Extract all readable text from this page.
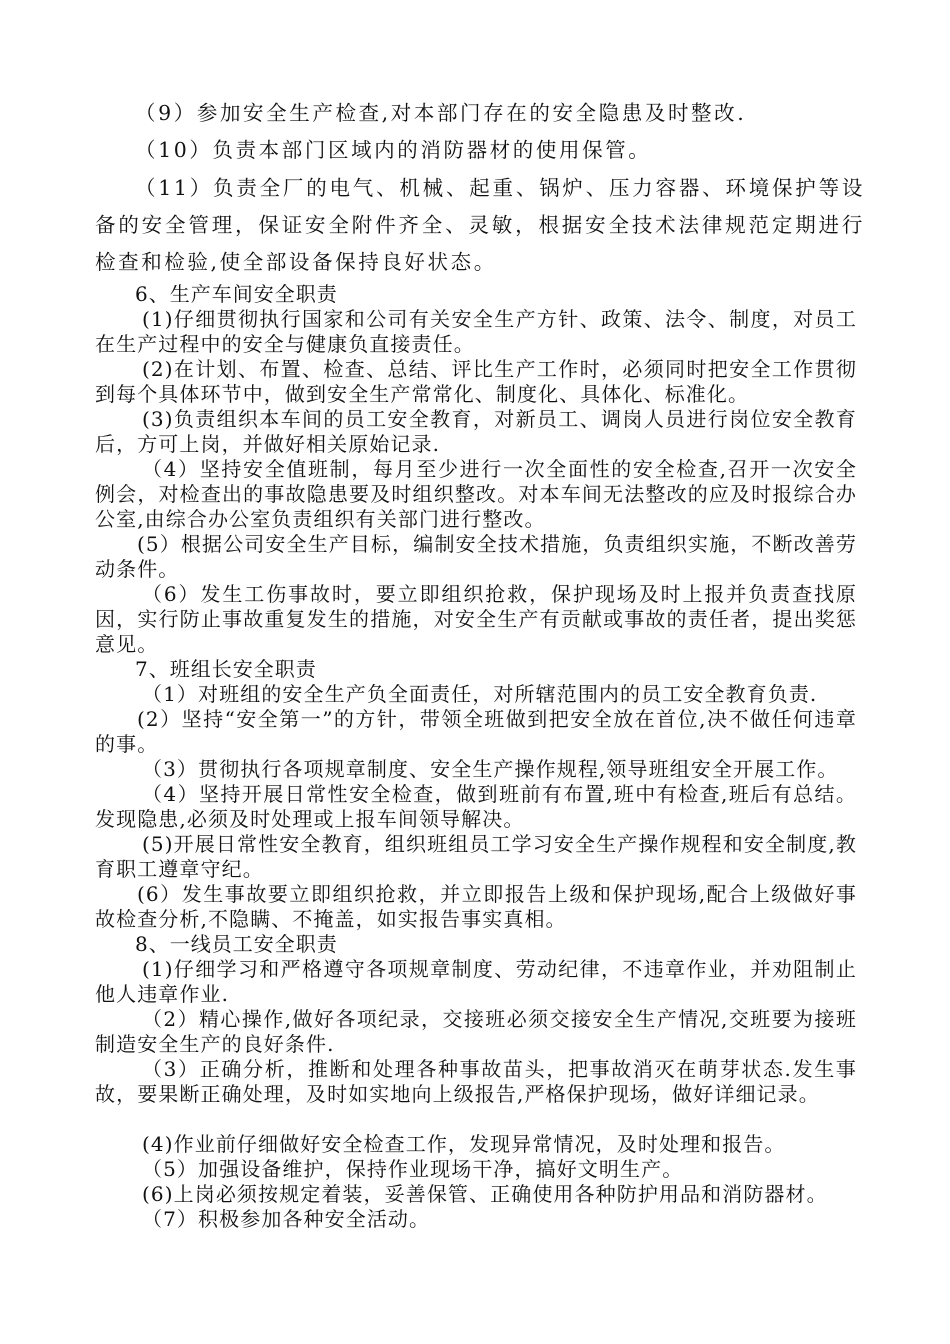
（9）参加安全生产检查,对本部门存在的安全隐患及时整改.

（10）负责本部门区域内的消防器材的使用保管。

（11）负责全厂的电气、机械、起重、锅炉、压力容器、环境保护等设备的安全管理，保证安全附件齐全、灵敏，根据安全技术法律规范定期进行检查和检验,使全部设备保持良好状态。

6、生产车间安全职责

(1)仔细贯彻执行国家和公司有关安全生产方针、政策、法令、制度，对员工在生产过程中的安全与健康负直接责任。

(2)在计划、布置、检查、总结、评比生产工作时，必须同时把安全工作贯彻到每个具体环节中，做到安全生产常常化、制度化、具体化、标准化。

(3)负责组织本车间的员工安全教育，对新员工、调岗人员进行岗位安全教育后，方可上岗，并做好相关原始记录.

（4）坚持安全值班制，每月至少进行一次全面性的安全检查,召开一次安全例会，对检查出的事故隐患要及时组织整改。对本车间无法整改的应及时报综合办公室,由综合办公室负责组织有关部门进行整改。

(5）根据公司安全生产目标，编制安全技术措施，负责组织实施，不断改善劳动条件。

（6）发生工伤事故时，要立即组织抢救，保护现场及时上报并负责查找原因，实行防止事故重复发生的措施，对安全生产有贡献或事故的责任者，提出奖惩意见。

7、班组长安全职责

（1）对班组的安全生产负全面责任，对所辖范围内的员工安全教育负责.

(2）坚持“安全第一”的方针，带领全班做到把安全放在首位,决不做任何违章的事。

（3）贯彻执行各项规章制度、安全生产操作规程,领导班组安全开展工作。

（4）坚持开展日常性安全检查，做到班前有布置,班中有检查,班后有总结。发现隐患,必须及时处理或上报车间领导解决。

(5)开展日常性安全教育，组织班组员工学习安全生产操作规程和安全制度,教育职工遵章守纪。

(6）发生事故要立即组织抢救，并立即报告上级和保护现场,配合上级做好事故检查分析,不隐瞒、不掩盖，如实报告事实真相。

8、一线员工安全职责

(1)仔细学习和严格遵守各项规章制度、劳动纪律，不违章作业，并劝阻制止他人违章作业.

（2）精心操作,做好各项纪录，交接班必须交接安全生产情况,交班要为接班制造安全生产的良好条件.

（3）正确分析，推断和处理各种事故苗头，把事故消灭在萌芽状态.发生事故，要果断正确处理，及时如实地向上级报告,严格保护现场，做好详细记录。

(4)作业前仔细做好安全检查工作，发现异常情况，及时处理和报告。

（5）加强设备维护，保持作业现场干净，搞好文明生产。

(6)上岗必须按规定着装，妥善保管、正确使用各种防护用品和消防器材。

（7）积极参加各种安全活动。
